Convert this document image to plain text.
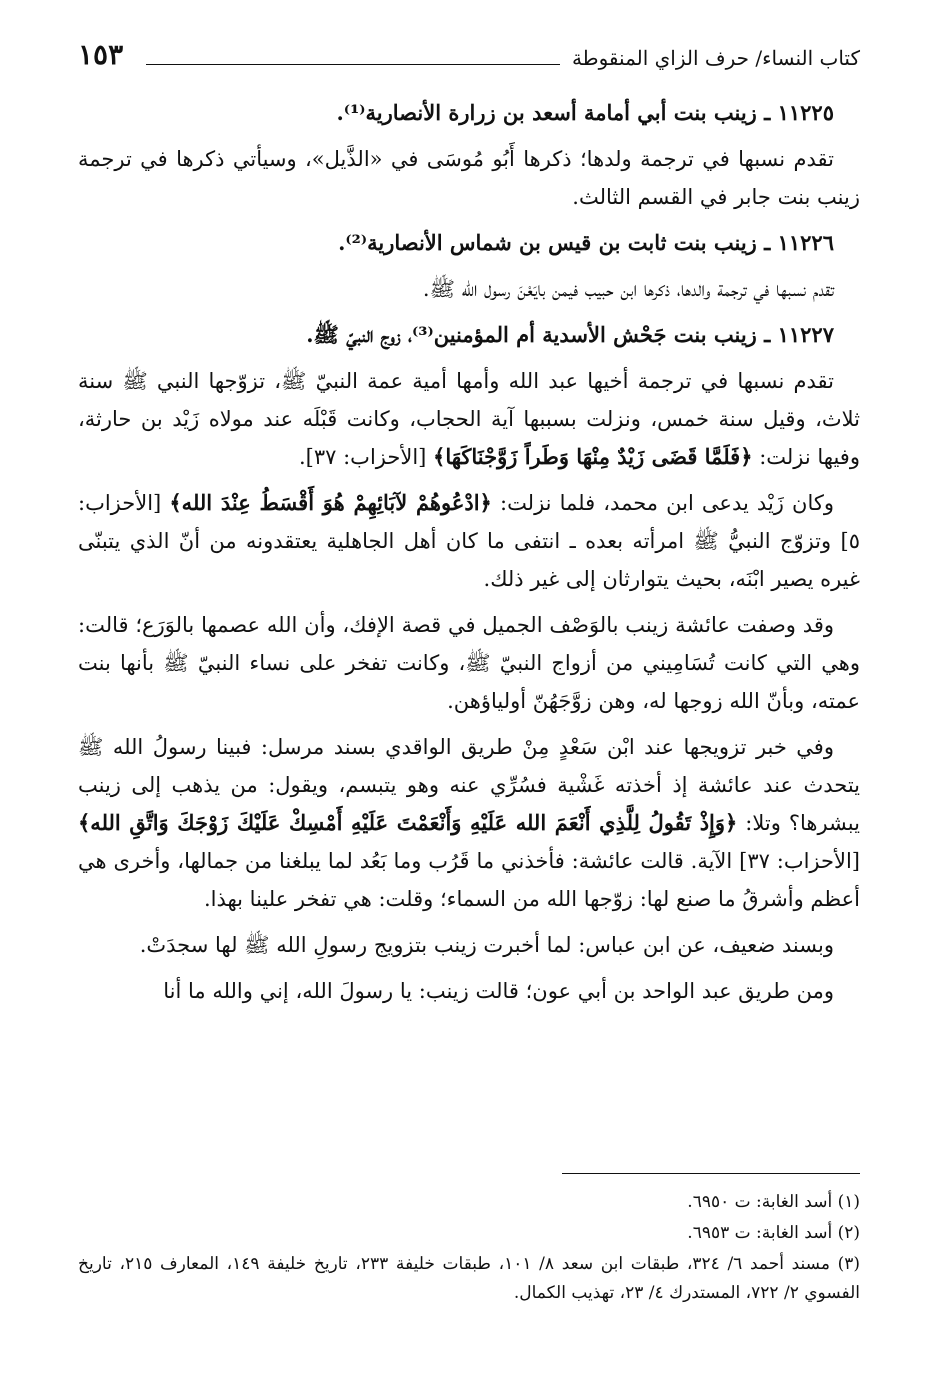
١٥٣	كتاب النساء/ حرف الزاي المنقوطة

١١٢٢٥ ـ زينب بنت أبي أمامة أسعد بن زرارة الأنصارية⁽¹⁾.

تقدم نسبها في ترجمة ولدها؛ ذكرها أَبُو مُوسَى في «الذَّيل»، وسيأتي ذكرها في ترجمة زينب بنت جابر في القسم الثالث.

١١٢٢٦ ـ زينب بنت ثابت بن قيس بن شماس الأنصارية⁽²⁾.

تقدم نسبها في ترجمة والدها، ذكرها ابن حبيب فيمن بايَعْنَ رسول الله ﷺ.

١١٢٢٧ ـ زينب بنت جَحْش الأسدية أم المؤمنين⁽³⁾، زوج النبيّ ﷺ.

تقدم نسبها في ترجمة أخيها عبد الله وأمها أمية عمة النبيّ ﷺ، تزوّجها النبي ﷺ سنة ثلاث، وقيل سنة خمس، ونزلت بسببها آية الحجاب، وكانت قَبْلَه عند مولاه زَيْد بن حارثة، وفيها نزلت: ﴿فَلَمَّا قَضَى زَيْدٌ مِنْهَا وَطَراً زَوَّجْنَاكَهَا﴾ [الأحزاب: ٣٧].

وكان زَيْد يدعى ابن محمد، فلما نزلت: ﴿ادْعُوهُمْ لآبَائِهِمْ هُوَ أَقْسَطُ عِنْدَ الله﴾ [الأحزاب: ٥] وتزوّج النبيُّ ﷺ امرأته بعده ـ انتفى ما كان أهل الجاهلية يعتقدونه من أنّ الذي يتبنّى غيره يصير ابْنَه، بحيث يتوارثان إلى غير ذلك.

وقد وصفت عائشة زينب بالوَصْف الجميل في قصة الإفك، وأن الله عصمها بالوَرَع؛ قالت: وهي التي كانت تُسَامِيني من أزواج النبيّ ﷺ، وكانت تفخر على نساء النبيّ ﷺ بأنها بنت عمته، وبأنّ الله زوجها له، وهن زوَّجَهُنّ أولياؤهن.

وفي خبر تزويجها عند ابْن سَعْدٍ مِنْ طريق الواقدي بسند مرسل: فبينا رسولُ الله ﷺ يتحدث عند عائشة إذ أخذته غَشْية فسُرِّي عنه وهو يتبسم، ويقول: من يذهب إلى زينب يبشرها؟ وتلا: ﴿وَإِذْ تَقُولُ لِلَّذِي أَنْعَمَ الله عَلَيْهِ وَأَنْعَمْتَ عَلَيْهِ أَمْسِكْ عَلَيْكَ زَوْجَكَ وَاتَّقِ الله﴾ [الأحزاب: ٣٧] الآية. قالت عائشة: فأخذني ما قَرُب وما بَعُد لما يبلغنا من جمالها، وأخرى هي أعظم وأشرقُ ما صنع لها: زوّجها الله من السماء؛ وقلت: هي تفخر علينا بهذا.

وبسند ضعيف، عن ابن عباس: لما أخبرت زينب بتزويج رسولِ الله ﷺ لها سجدَتْ.

ومن طريق عبد الواحد بن أبي عون؛ قالت زينب: يا رسولَ الله، إني والله ما أنا

(١) أسد الغابة: ت ٦٩٥٠.

(٢) أسد الغابة: ت ٦٩٥٣.

(٣) مسند أحمد ٦/ ٣٢٤، طبقات ابن سعد ٨/ ١٠١، طبقات خليفة ٢٣٣، تاريخ خليفة ١٤٩، المعارف ٢١٥، تاريخ الفسوي ٢/ ٧٢٢، المستدرك ٤/ ٢٣، تهذيب الكمال.
